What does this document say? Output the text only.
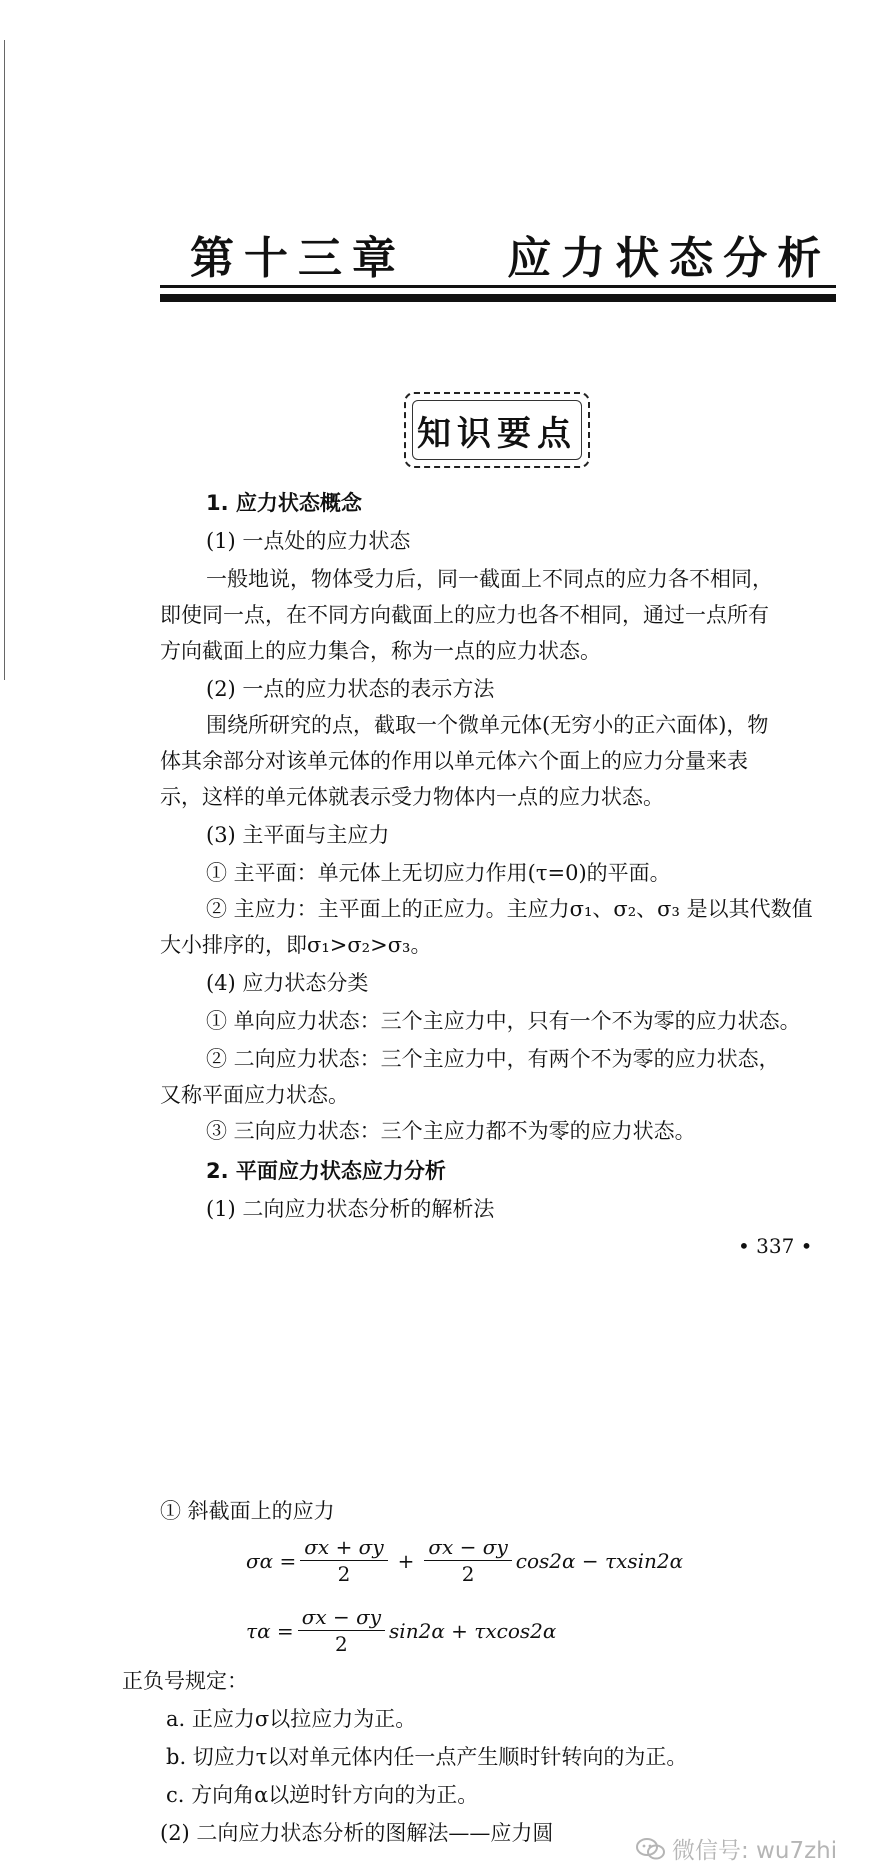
第十三章    应力状态分析
知识要点
1. 应力状态概念
(1) 一点处的应力状态
一般地说，物体受力后，同一截面上不同点的应力各不相同，
即使同一点，在不同方向截面上的应力也各不相同，通过一点所有
方向截面上的应力集合，称为一点的应力状态。
(2) 一点的应力状态的表示方法
围绕所研究的点，截取一个微单元体(无穷小的正六面体)，物
体其余部分对该单元体的作用以单元体六个面上的应力分量来表
示，这样的单元体就表示受力物体内一点的应力状态。
(3) 主平面与主应力
① 主平面：单元体上无切应力作用(τ=0)的平面。
② 主应力：主平面上的正应力。主应力σ₁、σ₂、σ₃ 是以其代数值
大小排序的，即σ₁>σ₂>σ₃。
(4) 应力状态分类
① 单向应力状态：三个主应力中，只有一个不为零的应力状态。
② 二向应力状态：三个主应力中，有两个不为零的应力状态，
又称平面应力状态。
③ 三向应力状态：三个主应力都不为零的应力状态。
2. 平面应力状态应力分析
(1) 二向应力状态分析的解析法
• 337 •
① 斜截面上的应力
$\sigma\alpha = \frac{\sigma x + \sigma y}{2} + \frac{\sigma x - \sigma y}{2} \cos 2\alpha - \tau xsin2\alpha$
$\tau\alpha = \frac{\sigma x - \sigma y}{2} \sin 2\alpha + \tau xcos2\alpha$
正负号规定：
a. 正应力σ以拉应力为正。
b. 切应力τ以对单元体内任一点产生顺时针转向的为正。
c. 方向角α以逆时针方向的为正。
(2) 二向应力状态分析的图解法——应力圆
微信号: wu7zhi
